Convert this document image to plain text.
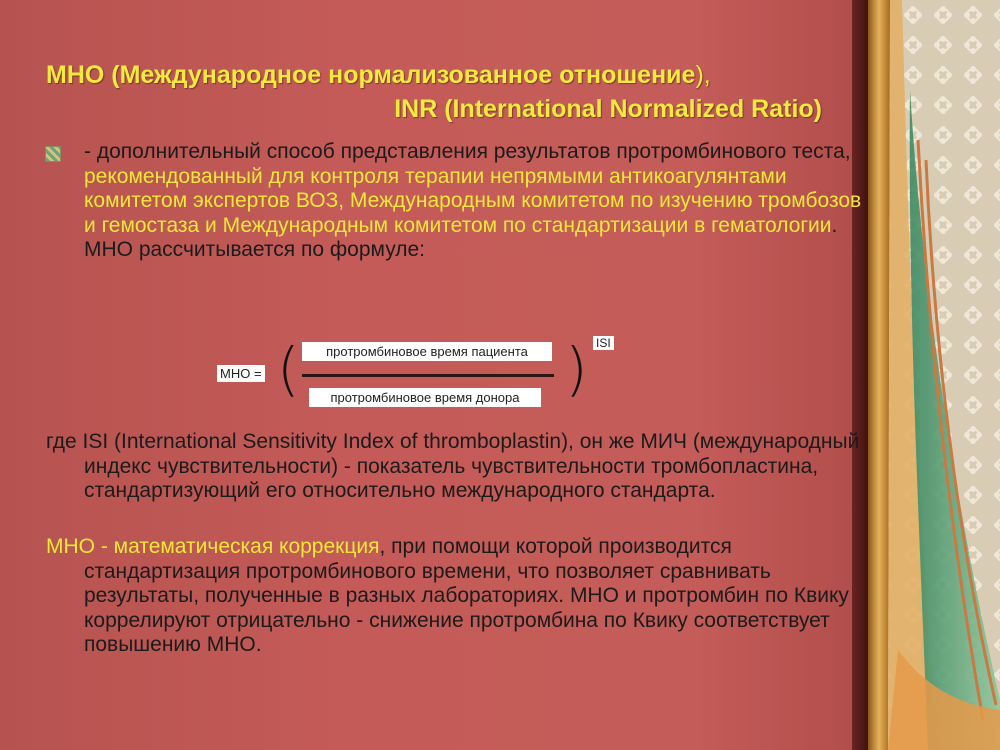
МНО (Международное нормализованное отношение),
INR (International Normalized Ratio)
- дополнительный способ представления результатов протромбинового теста, рекомендованный для контроля терапии непрямыми антикоагулянтами комитетом экспертов ВОЗ, Международным комитетом по изучению тромбозов и гемостаза и Международным комитетом по стандартизации в гематологии. МНО рассчитывается по формуле:
МНО = (	протромбиновое время пациента
протромбиновое время донора ) ISI
где ISI (International Sensitivity Index of thromboplastin), он же МИЧ (международный индекс чувствительности) - показатель чувствительности тромбопластина, стандартизующий его относительно международного стандарта.
МНО - математическая коррекция, при помощи которой производится стандартизация протромбинового времени, что позволяет сравнивать результаты, полученные в разных лабораториях. МНО и протромбин по Квику коррелируют отрицательно - снижение протромбина по Квику соответствует повышению МНО.
